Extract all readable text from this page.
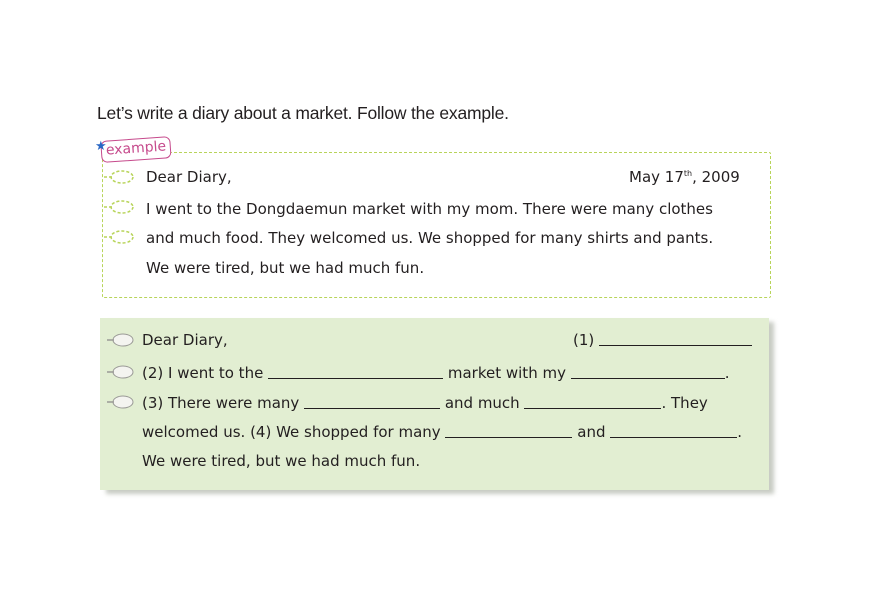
Let’s write a diary about a market. Follow the example.
example
★
Dear Diary,	May 17th, 2009
I went to the Dongdaemun market with my mom. There were many clothes
and much food. They welcomed us. We shopped for many shirts and pants.
We were tired, but we had much fun.
Dear Diary,	(1)
(2) I went to the	market with my	.
(3) There were many	and much	. They
welcomed us. (4) We shopped for many	and	.
We were tired, but we had much fun.
